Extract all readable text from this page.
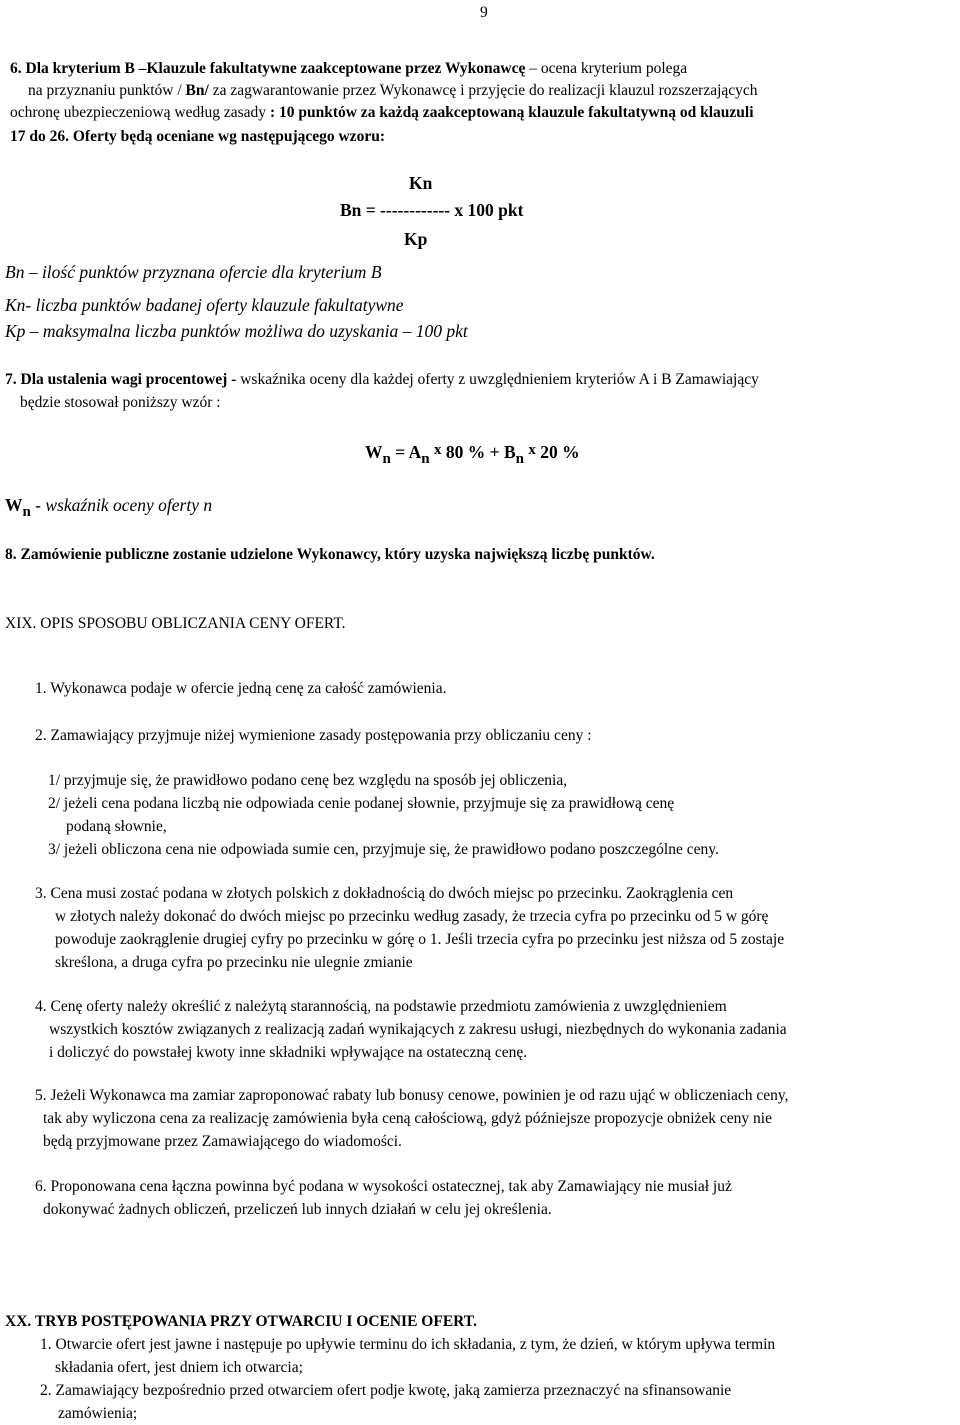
9
6. Dla kryterium B –Klauzule fakultatywne zaakceptowane przez Wykonawcę – ocena kryterium polega
na przyznaniu punktów / Bn/ za zagwarantowanie przez Wykonawcę i przyjęcie do realizacji klauzul rozszerzających
ochronę ubezpieczeniową według zasady : 10 punktów za każdą zaakceptowaną klauzule fakultatywną od klauzuli
17 do 26. Oferty będą oceniane wg następującego wzoru:
Kn
Bn = ------------ x 100 pkt
Kp
Bn – ilość punktów przyznana ofercie dla kryterium B
Kn- liczba punktów badanej oferty klauzule fakultatywne
Kp – maksymalna liczba punktów możliwa do uzyskania – 100 pkt
7. Dla ustalenia wagi procentowej - wskaźnika oceny dla każdej oferty z uwzględnieniem kryteriów A i B Zamawiający
będzie stosował poniższy wzór :
Wn = An x 80 % + Bn x 20 %
Wn - wskaźnik oceny oferty n
8. Zamówienie publiczne zostanie udzielone Wykonawcy, który uzyska największą liczbę punktów.
XIX. OPIS SPOSOBU OBLICZANIA CENY OFERT.
1. Wykonawca podaje w ofercie jedną cenę za całość zamówienia.
2. Zamawiający przyjmuje niżej wymienione zasady postępowania przy obliczaniu ceny :
1/ przyjmuje się, że prawidłowo podano cenę bez względu na sposób jej obliczenia,
2/ jeżeli cena podana liczbą nie odpowiada cenie podanej słownie, przyjmuje się za prawidłową cenę
podaną słownie,
3/ jeżeli obliczona cena nie odpowiada sumie cen, przyjmuje się, że prawidłowo podano poszczególne ceny.
3. Cena musi zostać podana w złotych polskich z dokładnością do dwóch miejsc po przecinku. Zaokrąglenia cen
w złotych należy dokonać do dwóch miejsc po przecinku według zasady, że trzecia cyfra po przecinku od 5 w górę
powoduje zaokrąglenie drugiej cyfry po przecinku w górę o 1. Jeśli trzecia cyfra po przecinku jest niższa od 5 zostaje
skreślona, a druga cyfra po przecinku nie ulegnie zmianie
4. Cenę oferty należy określić z należytą starannością, na podstawie przedmiotu zamówienia z uwzględnieniem
wszystkich kosztów związanych z realizacją zadań wynikających z zakresu usługi, niezbędnych do wykonania zadania
i doliczyć do powstałej kwoty inne składniki wpływające na ostateczną cenę.
5. Jeżeli Wykonawca ma zamiar zaproponować rabaty lub bonusy cenowe, powinien je od razu ująć w obliczeniach ceny,
tak aby wyliczona cena za realizację zamówienia była ceną całościową, gdyż późniejsze propozycje obniżek ceny nie
będą przyjmowane przez Zamawiającego do wiadomości.
6. Proponowana cena łączna powinna być podana w wysokości ostatecznej, tak aby Zamawiający nie musiał już
dokonywać żadnych obliczeń, przeliczeń lub innych działań w celu jej określenia.
XX. TRYB POSTĘPOWANIA PRZY OTWARCIU I OCENIE OFERT.
1. Otwarcie ofert jest jawne i następuje po upływie terminu do ich składania, z tym, że dzień, w którym upływa termin
składania ofert, jest dniem ich otwarcia;
2. Zamawiający bezpośrednio przed otwarciem ofert podje kwotę, jaką zamierza przeznaczyć na sfinansowanie
zamówienia;
